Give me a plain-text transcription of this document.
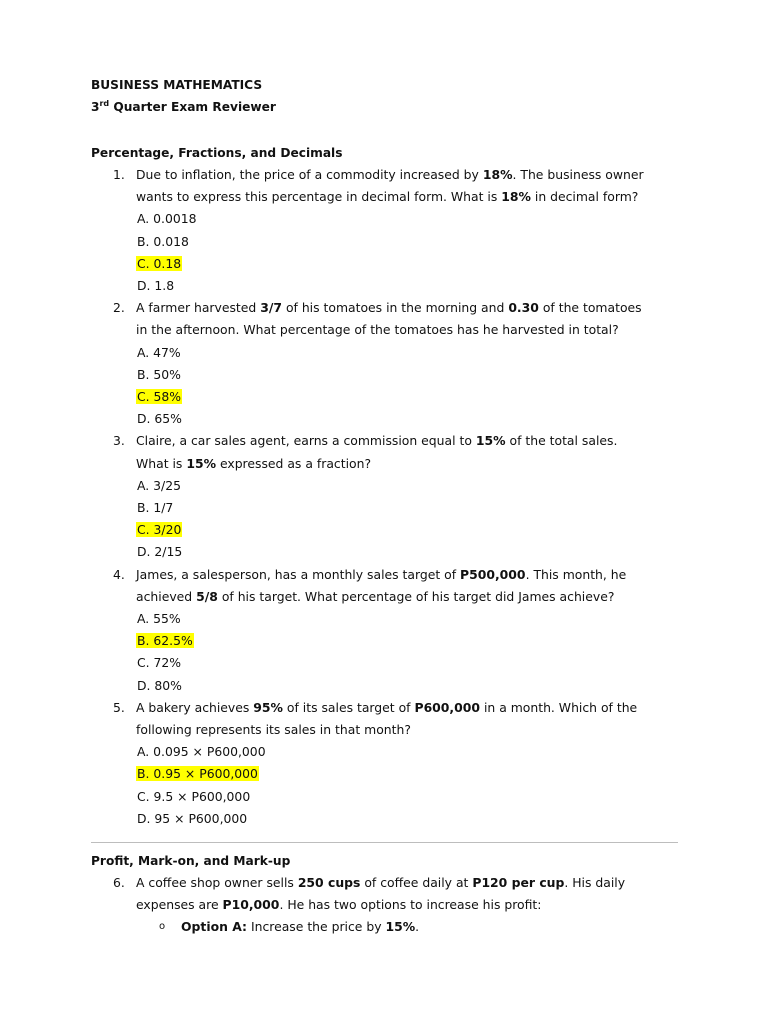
BUSINESS MATHEMATICS
3rd Quarter Exam Reviewer
Percentage, Fractions, and Decimals
1. Due to inflation, the price of a commodity increased by 18%. The business owner
wants to express this percentage in decimal form. What is 18% in decimal form?
A. 0.0018
B. 0.018
C. 0.18
D. 1.8
2. A farmer harvested 3/7 of his tomatoes in the morning and 0.30 of the tomatoes
in the afternoon. What percentage of the tomatoes has he harvested in total?
A. 47%
B. 50%
C. 58%
D. 65%
3. Claire, a car sales agent, earns a commission equal to 15% of the total sales.
What is 15% expressed as a fraction?
A. 3/25
B. 1/7
C. 3/20
D. 2/15
4. James, a salesperson, has a monthly sales target of P500,000. This month, he
achieved 5/8 of his target. What percentage of his target did James achieve?
A. 55%
B. 62.5%
C. 72%
D. 80%
5. A bakery achieves 95% of its sales target of P600,000 in a month. Which of the
following represents its sales in that month?
A. 0.095 × P600,000
B. 0.95 × P600,000
C. 9.5 × P600,000
D. 95 × P600,000
Profit, Mark-on, and Mark-up
6. A coffee shop owner sells 250 cups of coffee daily at P120 per cup. His daily
expenses are P10,000. He has two options to increase his profit:
o Option A: Increase the price by 15%.
